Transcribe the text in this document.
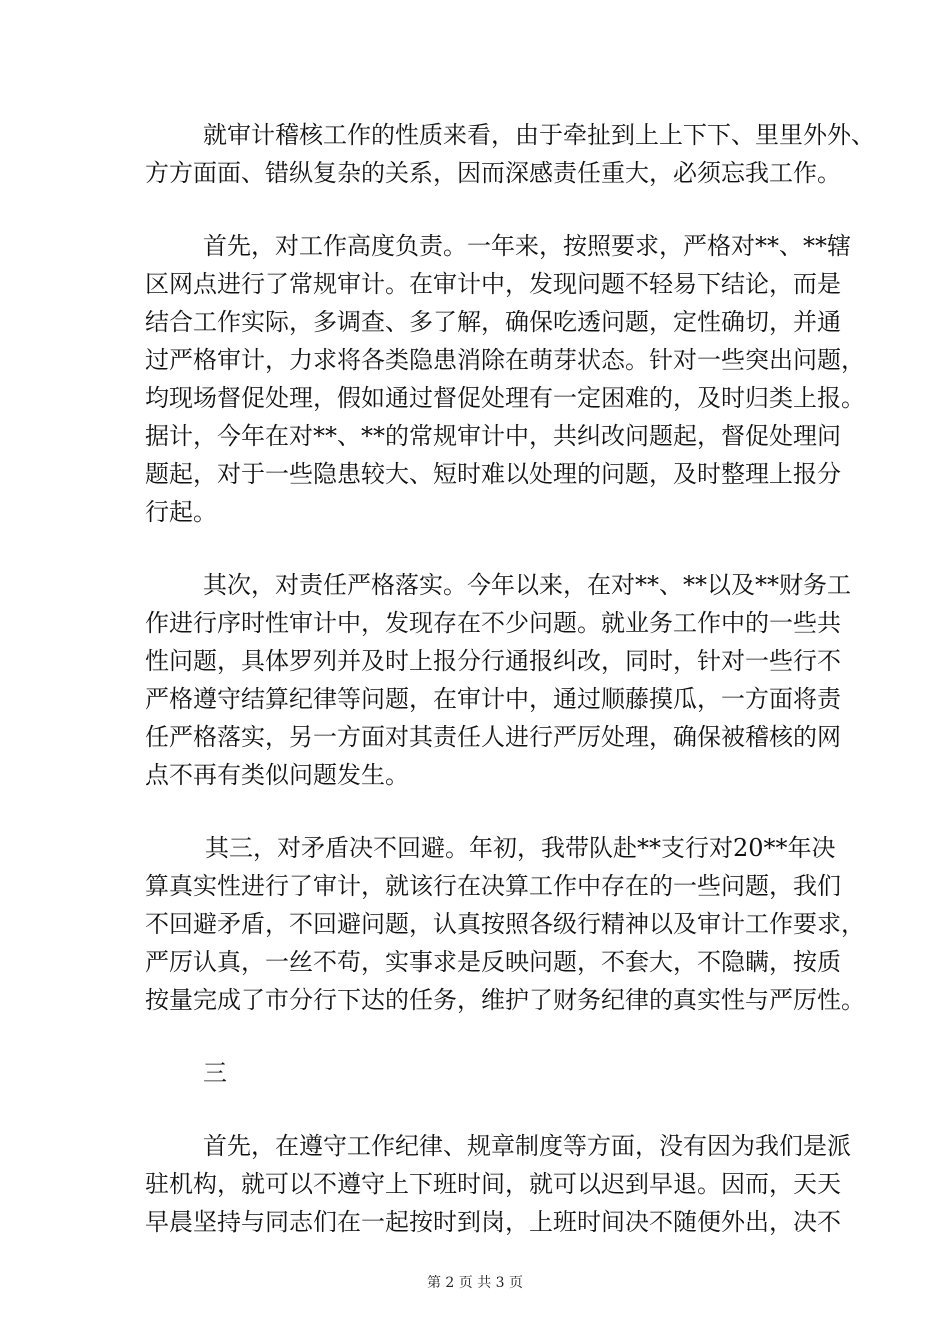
就审计稽核工作的性质来看，由于牵扯到上上下下、里里外外、
方方面面、错纵复杂的关系，因而深感责任重大，必须忘我工作。
首先，对工作高度负责。一年来，按照要求，严格对**、**辖
区网点进行了常规审计。在审计中，发现问题不轻易下结论，而是
结合工作实际，多调查、多了解，确保吃透问题，定性确切，并通
过严格审计，力求将各类隐患消除在萌芽状态。针对一些突出问题，
均现场督促处理，假如通过督促处理有一定困难的，及时归类上报。
据计，今年在对**、**的常规审计中，共纠改问题起，督促处理问
题起，对于一些隐患较大、短时难以处理的问题，及时整理上报分
行起。
其次，对责任严格落实。今年以来，在对**、**以及**财务工
作进行序时性审计中，发现存在不少问题。就业务工作中的一些共
性问题，具体罗列并及时上报分行通报纠改，同时，针对一些行不
严格遵守结算纪律等问题，在审计中，通过顺藤摸瓜，一方面将责
任严格落实，另一方面对其责任人进行严厉处理，确保被稽核的网
点不再有类似问题发生。
其三，对矛盾决不回避。年初，我带队赴**支行对20**年决
算真实性进行了审计，就该行在决算工作中存在的一些问题，我们
不回避矛盾，不回避问题，认真按照各级行精神以及审计工作要求，
严厉认真，一丝不苟，实事求是反映问题，不套大，不隐瞒，按质
按量完成了市分行下达的任务，维护了财务纪律的真实性与严厉性。
三
首先，在遵守工作纪律、规章制度等方面，没有因为我们是派
驻机构，就可以不遵守上下班时间，就可以迟到早退。因而，天天
早晨坚持与同志们在一起按时到岗，上班时间决不随便外出，决不
第 2 页 共 3 页
